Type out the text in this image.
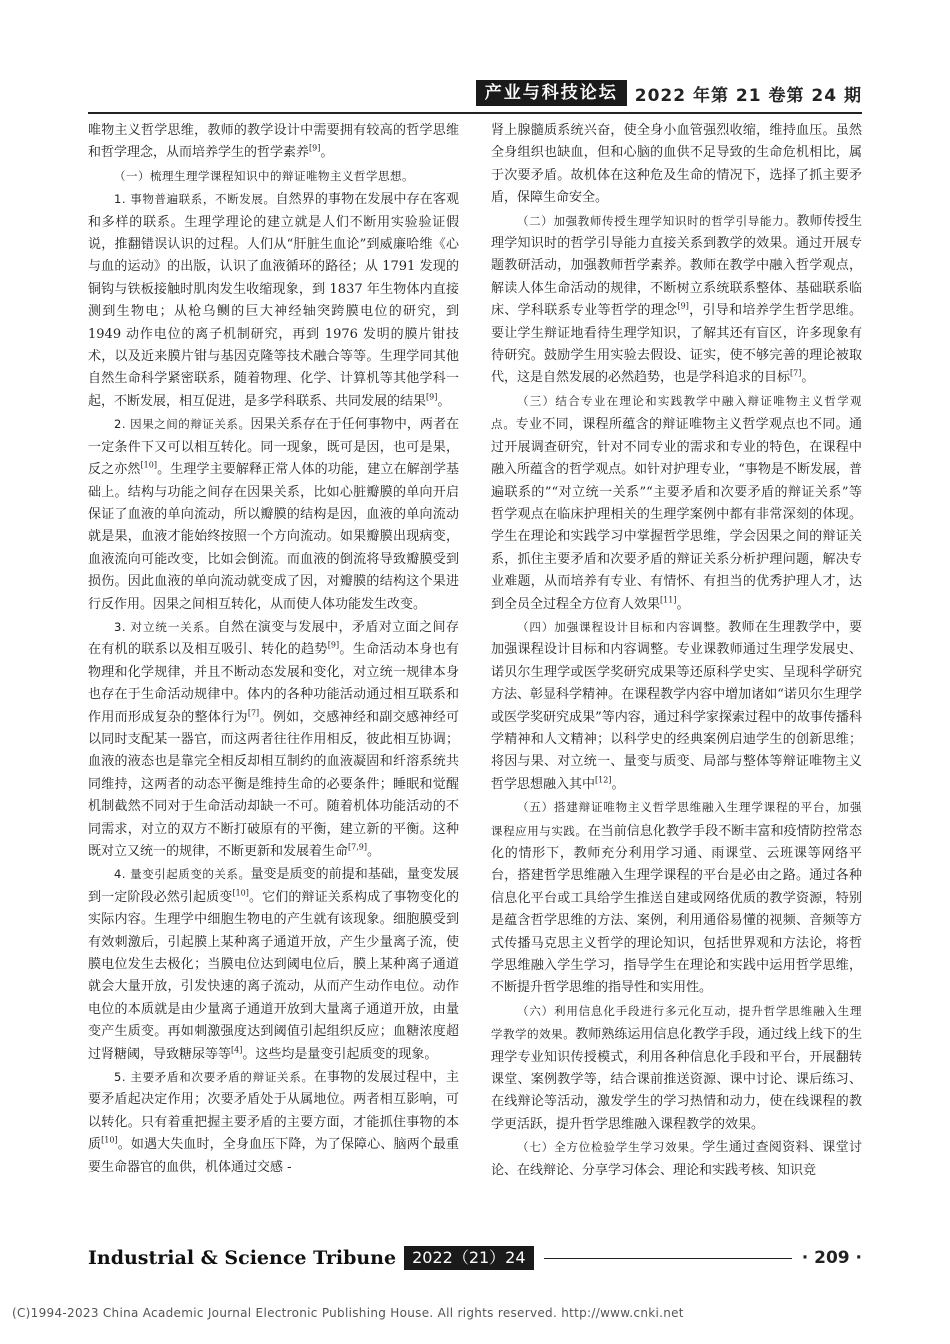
产业与科技论坛	2022 年第 21 卷第 24 期

唯物主义哲学思维，教师的教学设计中需要拥有较高的哲学思维和哲学理念，从而培养学生的哲学素养[9]。

（一）梳理生理学课程知识中的辩证唯物主义哲学思想。

1. 事物普遍联系，不断发展。自然界的事物在发展中存在客观和多样的联系。生理学理论的建立就是人们不断用实验验证假说，推翻错误认识的过程。人们从“肝脏生血论”到威廉哈维《心与血的运动》的出版，认识了血液循环的路径；从 1791 发现的铜钩与铁板接触时肌肉发生收缩现象，到 1837 年生物体内直接测到生物电；从枪乌鲗的巨大神经轴突跨膜电位的研究，到 1949 动作电位的离子机制研究，再到 1976 发明的膜片钳技术，以及近来膜片钳与基因克隆等技术融合等等。生理学同其他自然生命科学紧密联系，随着物理、化学、计算机等其他学科一起，不断发展，相互促进，是多学科联系、共同发展的结果[9]。

2. 因果之间的辩证关系。因果关系存在于任何事物中，两者在一定条件下又可以相互转化。同一现象，既可是因，也可是果，反之亦然[10]。生理学主要解释正常人体的功能，建立在解剖学基础上。结构与功能之间存在因果关系，比如心脏瓣膜的单向开启保证了血液的单向流动，所以瓣膜的结构是因，血液的单向流动就是果，血液才能始终按照一个方向流动。如果瓣膜出现病变，血液流向可能改变，比如会倒流。而血液的倒流将导致瓣膜受到损伤。因此血液的单向流动就变成了因，对瓣膜的结构这个果进行反作用。因果之间相互转化，从而使人体功能发生改变。

3. 对立统一关系。自然在演变与发展中，矛盾对立面之间存在有机的联系以及相互吸引、转化的趋势[9]。生命活动本身也有物理和化学规律，并且不断动态发展和变化，对立统一规律本身也存在于生命活动规律中。体内的各种功能活动通过相互联系和作用而形成复杂的整体行为[7]。例如，交感神经和副交感神经可以同时支配某一器官，而这两者往往作用相反，彼此相互协调；血液的液态也是靠完全相反却相互制约的血液凝固和纤溶系统共同维持，这两者的动态平衡是维持生命的必要条件；睡眠和觉醒机制截然不同对于生命活动却缺一不可。随着机体功能活动的不同需求，对立的双方不断打破原有的平衡，建立新的平衡。这种既对立又统一的规律，不断更新和发展着生命[7,9]。

4. 量变引起质变的关系。量变是质变的前提和基础，量变发展到一定阶段必然引起质变[10]。它们的辩证关系构成了事物变化的实际内容。生理学中细胞生物电的产生就有该现象。细胞膜受到有效刺激后，引起膜上某种离子通道开放，产生少量离子流，使膜电位发生去极化；当膜电位达到阈电位后，膜上某种离子通道就会大量开放，引发快速的离子流动，从而产生动作电位。动作电位的本质就是由少量离子通道开放到大量离子通道开放，由量变产生质变。再如刺激强度达到阈值引起组织反应；血糖浓度超过肾糖阈，导致糖尿等等[4]。这些均是量变引起质变的现象。

5. 主要矛盾和次要矛盾的辩证关系。在事物的发展过程中，主要矛盾起决定作用；次要矛盾处于从属地位。两者相互影响，可以转化。只有着重把握主要矛盾的主要方面，才能抓住事物的本质[10]。如遇大失血时，全身血压下降，为了保障心、脑两个最重要生命器官的血供，机体通过交感 -

肾上腺髓质系统兴奋，使全身小血管强烈收缩，维持血压。虽然全身组织也缺血，但和心脑的血供不足导致的生命危机相比，属于次要矛盾。故机体在这种危及生命的情况下，选择了抓主要矛盾，保障生命安全。

（二）加强教师传授生理学知识时的哲学引导能力。教师传授生理学知识时的哲学引导能力直接关系到教学的效果。通过开展专题教研活动，加强教师哲学素养。教师在教学中融入哲学观点，解读人体生命活动的规律，不断树立系统联系整体、基础联系临床、学科联系专业等哲学的理念[9]，引导和培养学生哲学思维。要让学生辩证地看待生理学知识，了解其还有盲区，许多现象有待研究。鼓励学生用实验去假设、证实，使不够完善的理论被取代，这是自然发展的必然趋势，也是学科追求的目标[7]。

（三）结合专业在理论和实践教学中融入辩证唯物主义哲学观点。专业不同，课程所蕴含的辩证唯物主义哲学观点也不同。通过开展调查研究，针对不同专业的需求和专业的特色，在课程中融入所蕴含的哲学观点。如针对护理专业，“事物是不断发展，普遍联系的”“对立统一关系”“主要矛盾和次要矛盾的辩证关系”等哲学观点在临床护理相关的生理学案例中都有非常深刻的体现。学生在理论和实践学习中掌握哲学思维，学会因果之间的辩证关系，抓住主要矛盾和次要矛盾的辩证关系分析护理问题，解决专业难题，从而培养有专业、有情怀、有担当的优秀护理人才，达到全员全过程全方位育人效果[11]。

（四）加强课程设计目标和内容调整。教师在生理教学中，要加强课程设计目标和内容调整。专业课教师通过生理学发展史、诺贝尔生理学或医学奖研究成果等还原科学史实、呈现科学研究方法、彰显科学精神。在课程教学内容中增加诸如“诺贝尔生理学或医学奖研究成果”等内容，通过科学家探索过程中的故事传播科学精神和人文精神；以科学史的经典案例启迪学生的创新思维；将因与果、对立统一、量变与质变、局部与整体等辩证唯物主义哲学思想融入其中[12]。

（五）搭建辩证唯物主义哲学思维融入生理学课程的平台，加强课程应用与实践。在当前信息化教学手段不断丰富和疫情防控常态化的情形下，教师充分利用学习通、雨课堂、云班课等网络平台，搭建哲学思维融入生理学课程的平台是必由之路。通过各种信息化平台或工具给学生推送自建或网络优质的教学资源，特别是蕴含哲学思维的方法、案例，利用通俗易懂的视频、音频等方式传播马克思主义哲学的理论知识，包括世界观和方法论，将哲学思维融入学生学习，指导学生在理论和实践中运用哲学思维，不断提升哲学思维的指导性和实用性。

（六）利用信息化手段进行多元化互动，提升哲学思维融入生理学教学的效果。教师熟练运用信息化教学手段，通过线上线下的生理学专业知识传授模式，利用各种信息化手段和平台，开展翻转课堂、案例教学等，结合课前推送资源、课中讨论、课后练习、在线辩论等活动，激发学生的学习热情和动力，使在线课程的教学更活跃，提升哲学思维融入课程教学的效果。

（七）全方位检验学生学习效果。学生通过查阅资料、课堂讨论、在线辩论、分享学习体会、理论和实践考核、知识竞

Industrial & Science Tribune	2022（21）24	· 209 ·
(C)1994-2023 China Academic Journal Electronic Publishing House. All rights reserved. http://www.cnki.net
